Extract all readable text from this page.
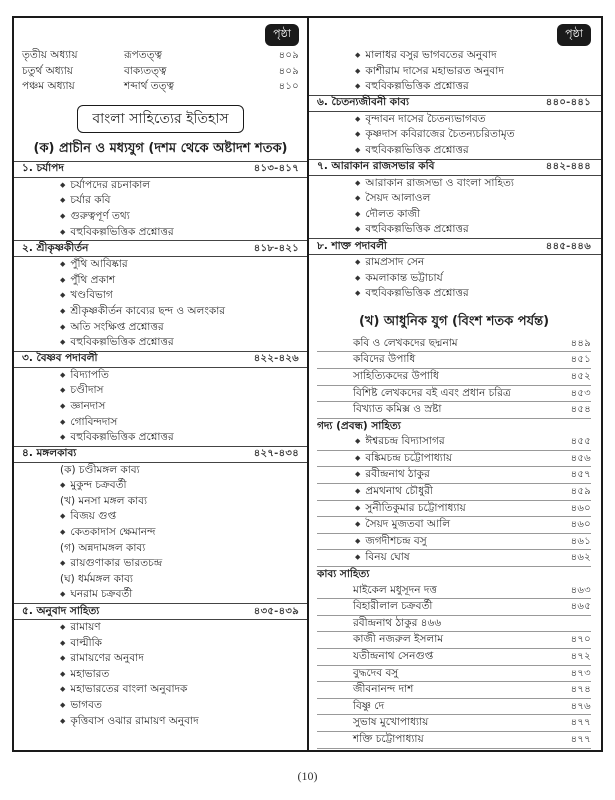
পৃষ্ঠা
তৃতীয় অধ্যায়	রূপতত্ত্ব	৪০৯
চতুর্থ অধ্যায়	বাক্যতত্ত্ব	৪০৯
পঞ্চম অধ্যায়	শব্দার্থ তত্ত্ব	৪১০
বাংলা সাহিত্যের ইতিহাস
(ক) প্রাচীন ও মধ্যযুগ (দশম থেকে অষ্টাদশ শতক)
১. চর্যাপদ	৪১৩-৪১৭
◆ চর্যাপদের রচনাকাল
◆ চর্যার কবি
◆ গুরুত্বপূর্ণ তথ্য
◆ বহুবিকল্পভিত্তিক প্রশ্নোত্তর
২. শ্রীকৃষ্ণকীর্তন	৪১৮-৪২১
◆ পুঁথি আবিষ্কার
◆ পুঁথি প্রকাশ
◆ খণ্ডবিভাগ
◆ শ্রীকৃষ্ণকীর্তন কাব্যের ছন্দ ও অলংকার
◆ অতি সংক্ষিপ্ত প্রশ্নোত্তর
◆ বহুবিকল্পভিত্তিক প্রশ্নোত্তর
৩. বৈষ্ণব পদাবলী	৪২২-৪২৬
◆ বিদ্যাপতি
◆ চণ্ডীদাস
◆ জ্ঞানদাস
◆ গোবিন্দদাস
◆ বহুবিকল্পভিত্তিক প্রশ্নোত্তর
৪. মঙ্গলকাব্য	৪২৭-৪৩৪
(ক) চণ্ডীমঙ্গল কাব্য
◆ মুকুন্দ চক্রবর্তী
(খ) মনসা মঙ্গল কাব্য
◆ বিজয় গুপ্ত
◆ কেতকাদাস ক্ষেমানন্দ
(গ) অন্নদামঙ্গল কাব্য
◆ রায়গুণাকার ভারতচন্দ্র
(ঘ) ধর্মমঙ্গল কাব্য
◆ ঘনরাম চক্রবর্তী
৫. অনুবাদ সাহিত্য	৪৩৫-৪৩৯
◆ রামায়ণ
◆ বাল্মীকি
◆ রামায়ণের অনুবাদ
◆ মহাভারত
◆ মহাভারতের বাংলা অনুবাদক
◆ ভাগবত
◆ কৃত্তিবাস ওঝার রামায়ণ অনুবাদ
পৃষ্ঠা
◆ মালাধর বসুর ভাগবতের অনুবাদ
◆ কাশীরাম দাসের মহাভারত অনুবাদ
◆ বহুবিকল্পভিত্তিক প্রশ্নোত্তর
৬. চৈতন্যজীবনী কাব্য	৪৪০-৪৪১
◆ বৃন্দাবন দাসের চৈতন্যভাগবত
◆ কৃষ্ণদাস কবিরাজের চৈতন্যচরিতামৃত
◆ বহুবিকল্পভিত্তিক প্রশ্নোত্তর
৭. আরাকান রাজসভার কবি	৪৪২-৪৪৪
◆ আরাকান রাজসভা ও বাংলা সাহিত্য
◆ সৈয়দ আলাওল
◆ দৌলত কাজী
◆ বহুবিকল্পভিত্তিক প্রশ্নোত্তর
৮. শাক্ত পদাবলী	৪৪৫-৪৪৬
◆ রামপ্রসাদ সেন
◆ কমলাকান্ত ভট্টাচার্য
◆ বহুবিকল্পভিত্তিক প্রশ্নোত্তর
(খ) আধুনিক যুগ (বিংশ শতক পর্যন্ত)
কবি ও লেখকদের ছদ্মনাম	৪৪৯
কবিদের উপাধি	৪৫১
সাহিত্যিকদের উপাধি	৪৫২
বিশিষ্ট লেখকদের বই এবং প্রধান চরিত্র	৪৫৩
বিখ্যাত কমিক্স ও স্রষ্টা	৪৫৪
গদ্য (প্রবন্ধ) সাহিত্য
◆ ঈশ্বরচন্দ্র বিদ্যাসাগর	৪৫৫
◆ বঙ্কিমচন্দ্র চট্টোপাধ্যায়	৪৫৬
◆ রবীন্দ্রনাথ ঠাকুর	৪৫৭
◆ প্রমথনাথ চৌধুরী	৪৫৯
◆ সুনীতিকুমার চট্টোপাধ্যায়	৪৬০
◆ সৈয়দ মুজতবা আলি	৪৬০
◆ জগদীশচন্দ্র বসু	৪৬১
◆ বিনয় ঘোষ	৪৬২
কাব্য সাহিত্য
মাইকেল মধুসূদন দত্ত	৪৬৩
বিহারীলাল চক্রবর্তী	৪৬৫
রবীন্দ্রনাথ ঠাকুর ৪৬৬
কাজী নজরুল ইসলাম	৪৭০
যতীন্দ্রনাথ সেনগুপ্ত	৪৭২
বুদ্ধদেব বসু	৪৭৩
জীবনানন্দ দাশ	৪৭৪
বিষ্ণু দে	৪৭৬
সুভাষ মুখোপাধ্যায়	৪৭৭
শক্তি চট্টোপাধ্যায়	৪৭৭
(10)
